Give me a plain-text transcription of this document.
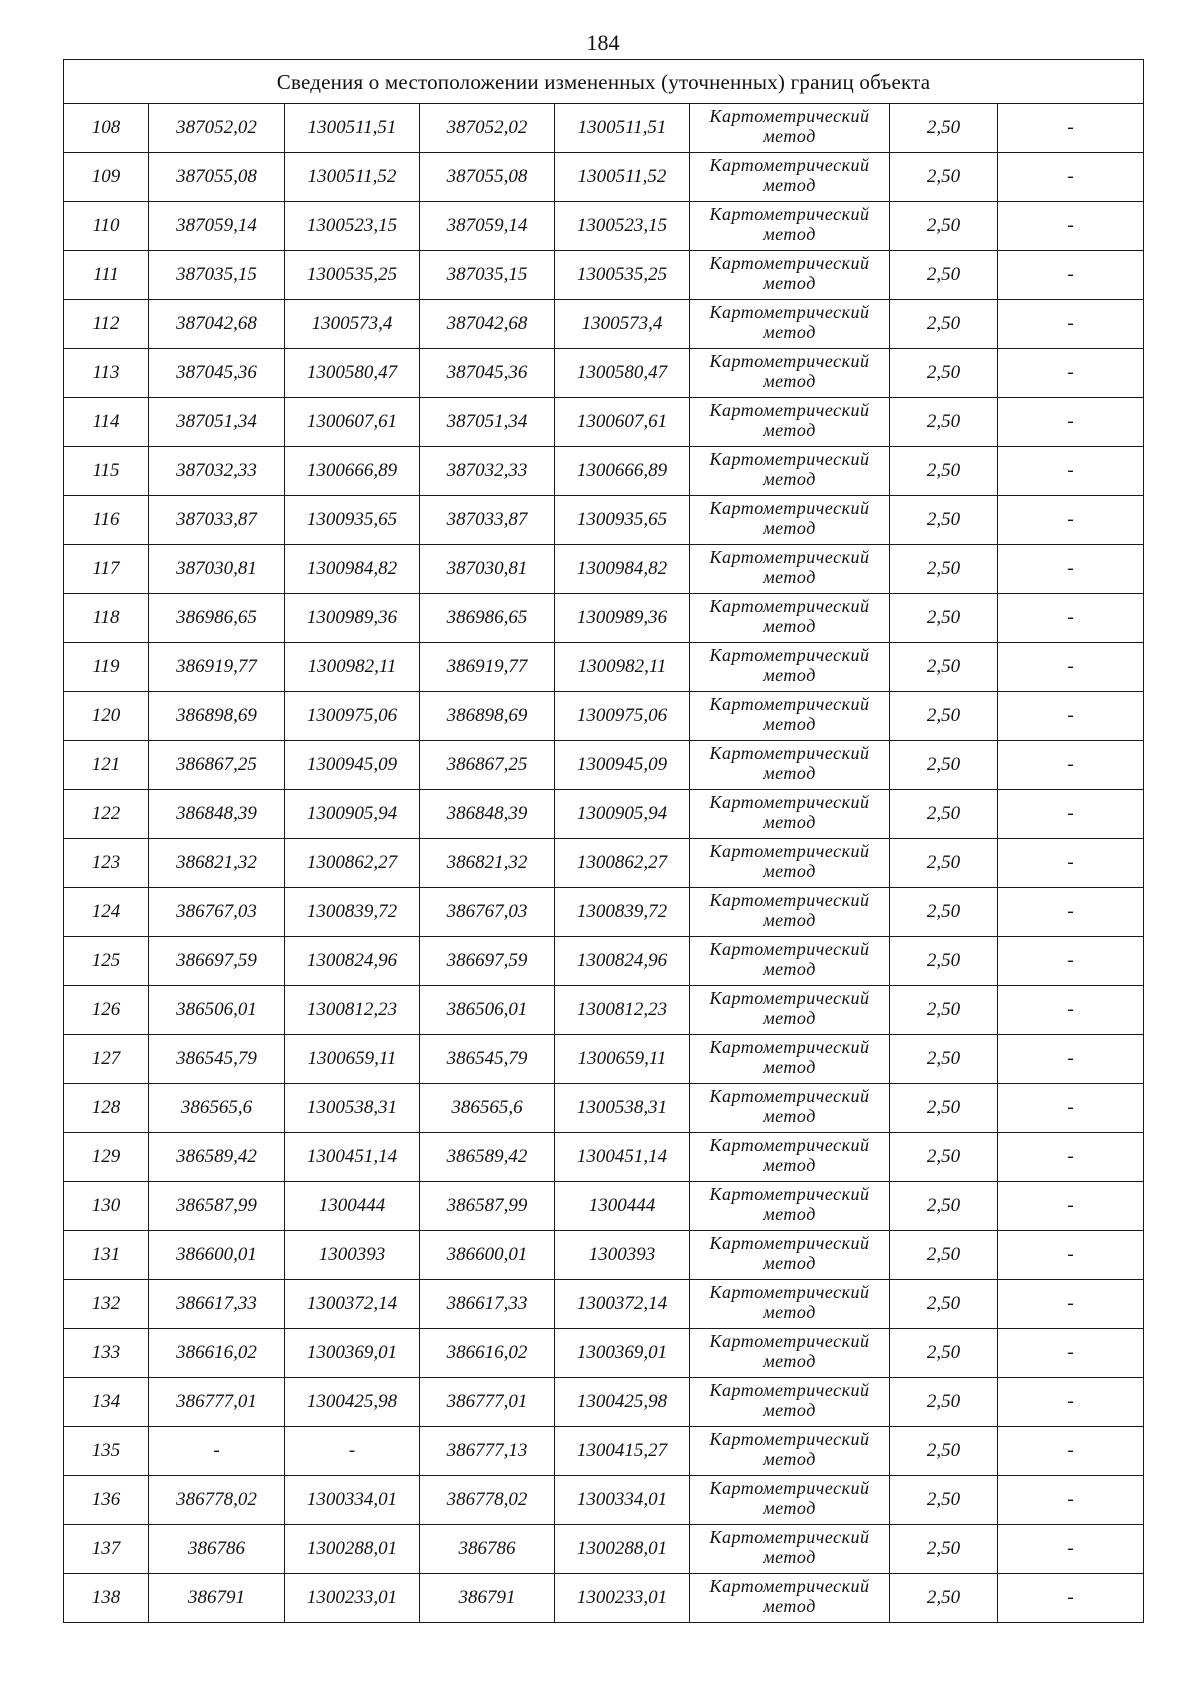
184
Сведения о местоположении измененных (уточненных) границ объекта							
108	387052,02	1300511,51	387052,02	1300511,51	Картометрический метод	2,50	-
109	387055,08	1300511,52	387055,08	1300511,52	Картометрический метод	2,50	-
110	387059,14	1300523,15	387059,14	1300523,15	Картометрический метод	2,50	-
111	387035,15	1300535,25	387035,15	1300535,25	Картометрический метод	2,50	-
112	387042,68	1300573,4	387042,68	1300573,4	Картометрический метод	2,50	-
113	387045,36	1300580,47	387045,36	1300580,47	Картометрический метод	2,50	-
114	387051,34	1300607,61	387051,34	1300607,61	Картометрический метод	2,50	-
115	387032,33	1300666,89	387032,33	1300666,89	Картометрический метод	2,50	-
116	387033,87	1300935,65	387033,87	1300935,65	Картометрический метод	2,50	-
117	387030,81	1300984,82	387030,81	1300984,82	Картометрический метод	2,50	-
118	386986,65	1300989,36	386986,65	1300989,36	Картометрический метод	2,50	-
119	386919,77	1300982,11	386919,77	1300982,11	Картометрический метод	2,50	-
120	386898,69	1300975,06	386898,69	1300975,06	Картометрический метод	2,50	-
121	386867,25	1300945,09	386867,25	1300945,09	Картометрический метод	2,50	-
122	386848,39	1300905,94	386848,39	1300905,94	Картометрический метод	2,50	-
123	386821,32	1300862,27	386821,32	1300862,27	Картометрический метод	2,50	-
124	386767,03	1300839,72	386767,03	1300839,72	Картометрический метод	2,50	-
125	386697,59	1300824,96	386697,59	1300824,96	Картометрический метод	2,50	-
126	386506,01	1300812,23	386506,01	1300812,23	Картометрический метод	2,50	-
127	386545,79	1300659,11	386545,79	1300659,11	Картометрический метод	2,50	-
128	386565,6	1300538,31	386565,6	1300538,31	Картометрический метод	2,50	-
129	386589,42	1300451,14	386589,42	1300451,14	Картометрический метод	2,50	-
130	386587,99	1300444	386587,99	1300444	Картометрический метод	2,50	-
131	386600,01	1300393	386600,01	1300393	Картометрический метод	2,50	-
132	386617,33	1300372,14	386617,33	1300372,14	Картометрический метод	2,50	-
133	386616,02	1300369,01	386616,02	1300369,01	Картометрический метод	2,50	-
134	386777,01	1300425,98	386777,01	1300425,98	Картометрический метод	2,50	-
135	-	-	386777,13	1300415,27	Картометрический метод	2,50	-
136	386778,02	1300334,01	386778,02	1300334,01	Картометрический метод	2,50	-
137	386786	1300288,01	386786	1300288,01	Картометрический метод	2,50	-
138	386791	1300233,01	386791	1300233,01	Картометрический метод	2,50	-
